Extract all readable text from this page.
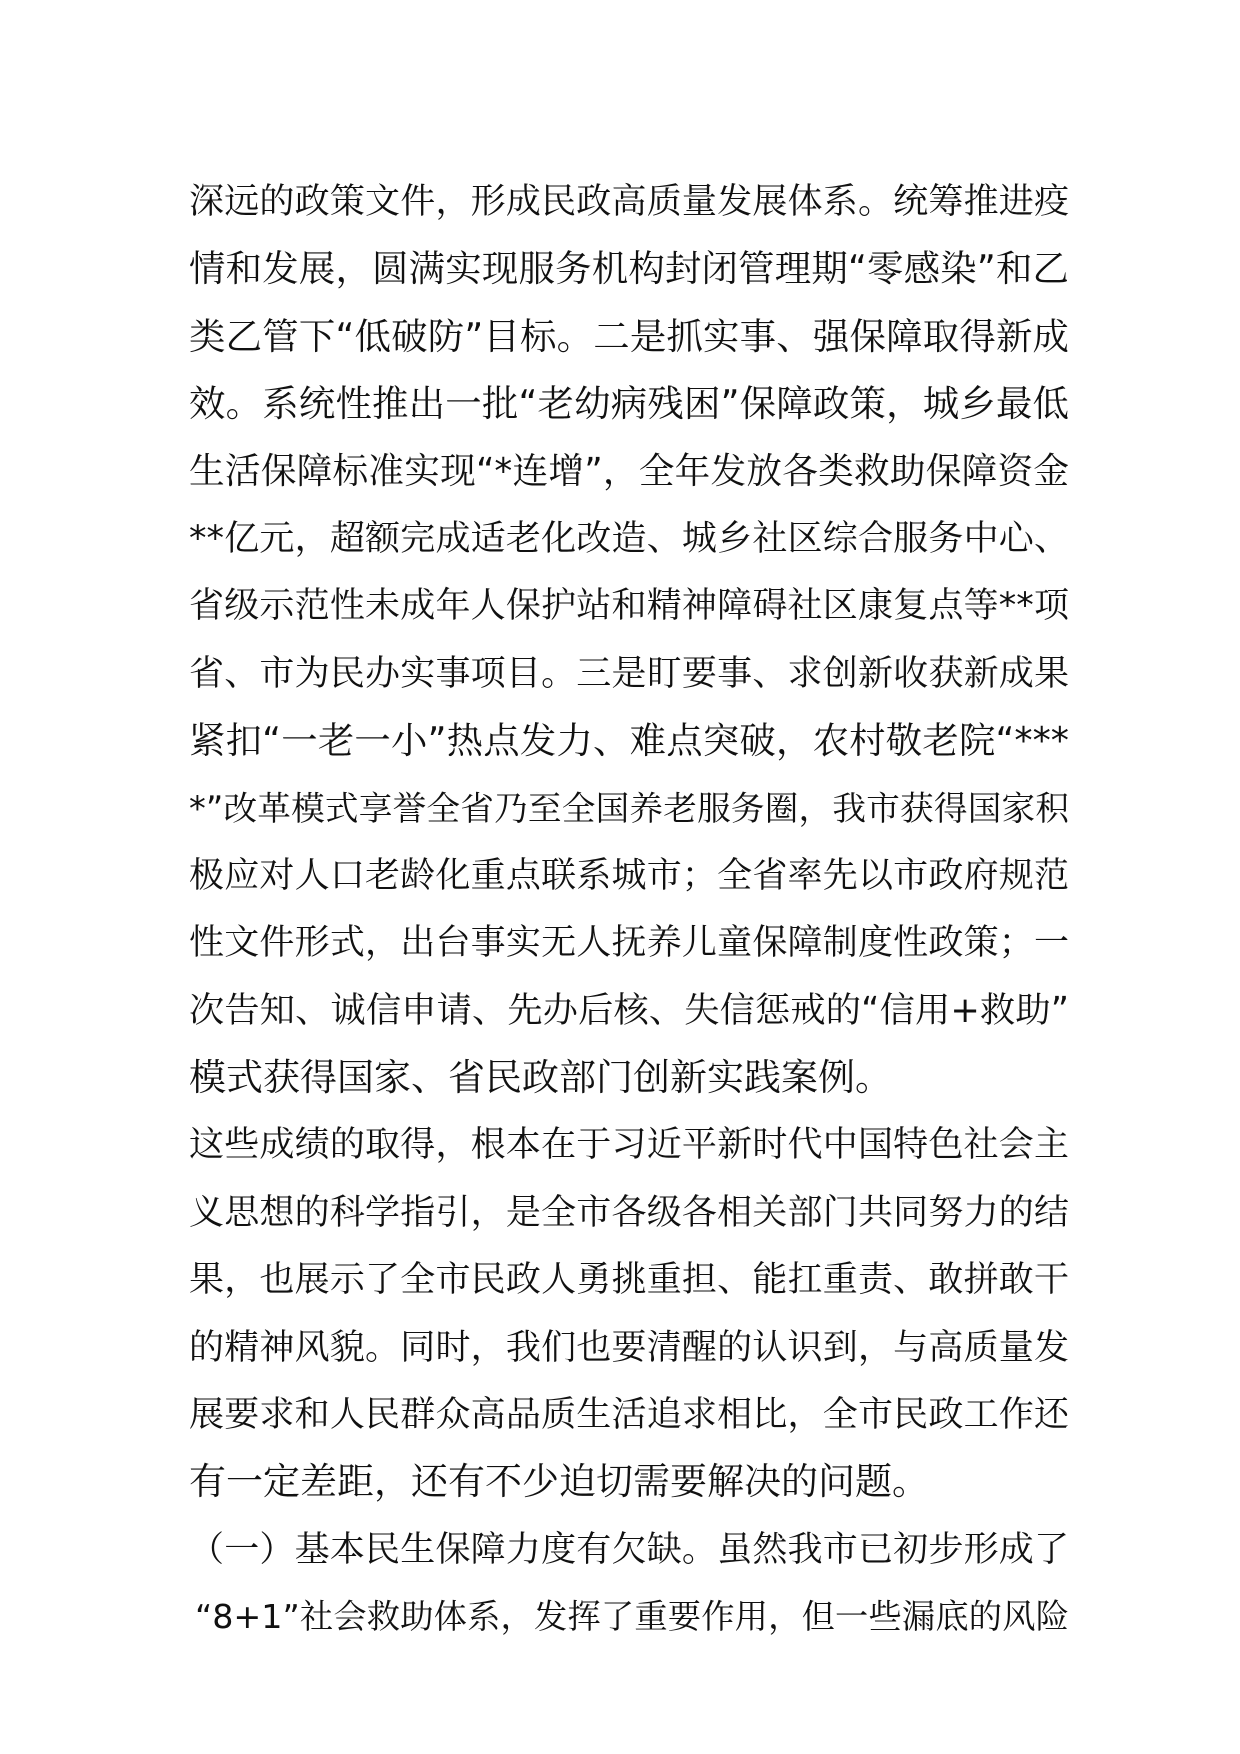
深远的政策文件，形成民政高质量发展体系。统筹推进疫
情和发展，圆满实现服务机构封闭管理期“零感染”和乙
类乙管下“低破防”目标。二是抓实事、强保障取得新成
效。系统性推出一批“老幼病残困”保障政策，城乡最低
生活保障标准实现“*连增”，全年发放各类救助保障资金
**亿元，超额完成适老化改造、城乡社区综合服务中心、
省级示范性未成年人保护站和精神障碍社区康复点等**项
省、市为民办实事项目。三是盯要事、求创新收获新成果
紧扣“一老一小”热点发力、难点突破，农村敬老院“***
*”改革模式享誉全省乃至全国养老服务圈，我市获得国家积
极应对人口老龄化重点联系城市；全省率先以市政府规范
性文件形式，出台事实无人抚养儿童保障制度性政策；一
次告知、诚信申请、先办后核、失信惩戒的“信用+救助”
模式获得国家、省民政部门创新实践案例。
这些成绩的取得，根本在于习近平新时代中国特色社会主
义思想的科学指引，是全市各级各相关部门共同努力的结
果，也展示了全市民政人勇挑重担、能扛重责、敢拼敢干
的精神风貌。同时，我们也要清醒的认识到，与高质量发
展要求和人民群众高品质生活追求相比，全市民政工作还
有一定差距，还有不少迫切需要解决的问题。
（一）基本民生保障力度有欠缺。虽然我市已初步形成了
“8+1”社会救助体系，发挥了重要作用，但一些漏底的风险
